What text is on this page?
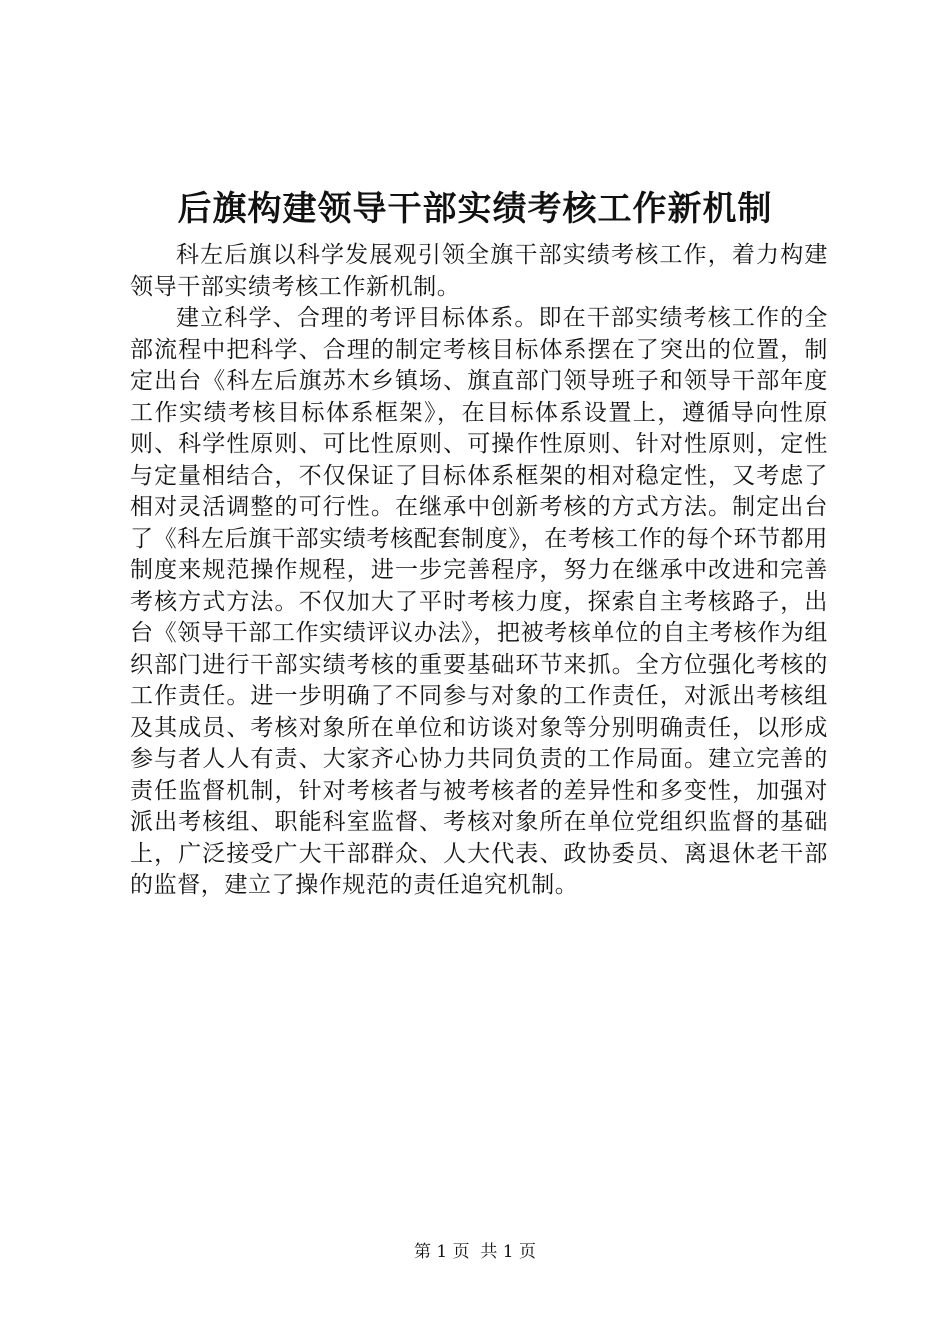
后旗构建领导干部实绩考核工作新机制

科左后旗以科学发展观引领全旗干部实绩考核工作，着力构建领导干部实绩考核工作新机制。

建立科学、合理的考评目标体系。即在干部实绩考核工作的全部流程中把科学、合理的制定考核目标体系摆在了突出的位置，制定出台《科左后旗苏木乡镇场、旗直部门领导班子和领导干部年度工作实绩考核目标体系框架》，在目标体系设置上，遵循导向性原则、科学性原则、可比性原则、可操作性原则、针对性原则，定性与定量相结合，不仅保证了目标体系框架的相对稳定性，又考虑了相对灵活调整的可行性。在继承中创新考核的方式方法。制定出台了《科左后旗干部实绩考核配套制度》，在考核工作的每个环节都用制度来规范操作规程，进一步完善程序，努力在继承中改进和完善考核方式方法。不仅加大了平时考核力度，探索自主考核路子，出台《领导干部工作实绩评议办法》，把被考核单位的自主考核作为组织部门进行干部实绩考核的重要基础环节来抓。全方位强化考核的工作责任。进一步明确了不同参与对象的工作责任，对派出考核组及其成员、考核对象所在单位和访谈对象等分别明确责任，以形成参与者人人有责、大家齐心协力共同负责的工作局面。建立完善的责任监督机制，针对考核者与被考核者的差异性和多变性，加强对派出考核组、职能科室监督、考核对象所在单位党组织监督的基础上，广泛接受广大干部群众、人大代表、政协委员、离退休老干部的监督，建立了操作规范的责任追究机制。

第 1 页 共 1 页
